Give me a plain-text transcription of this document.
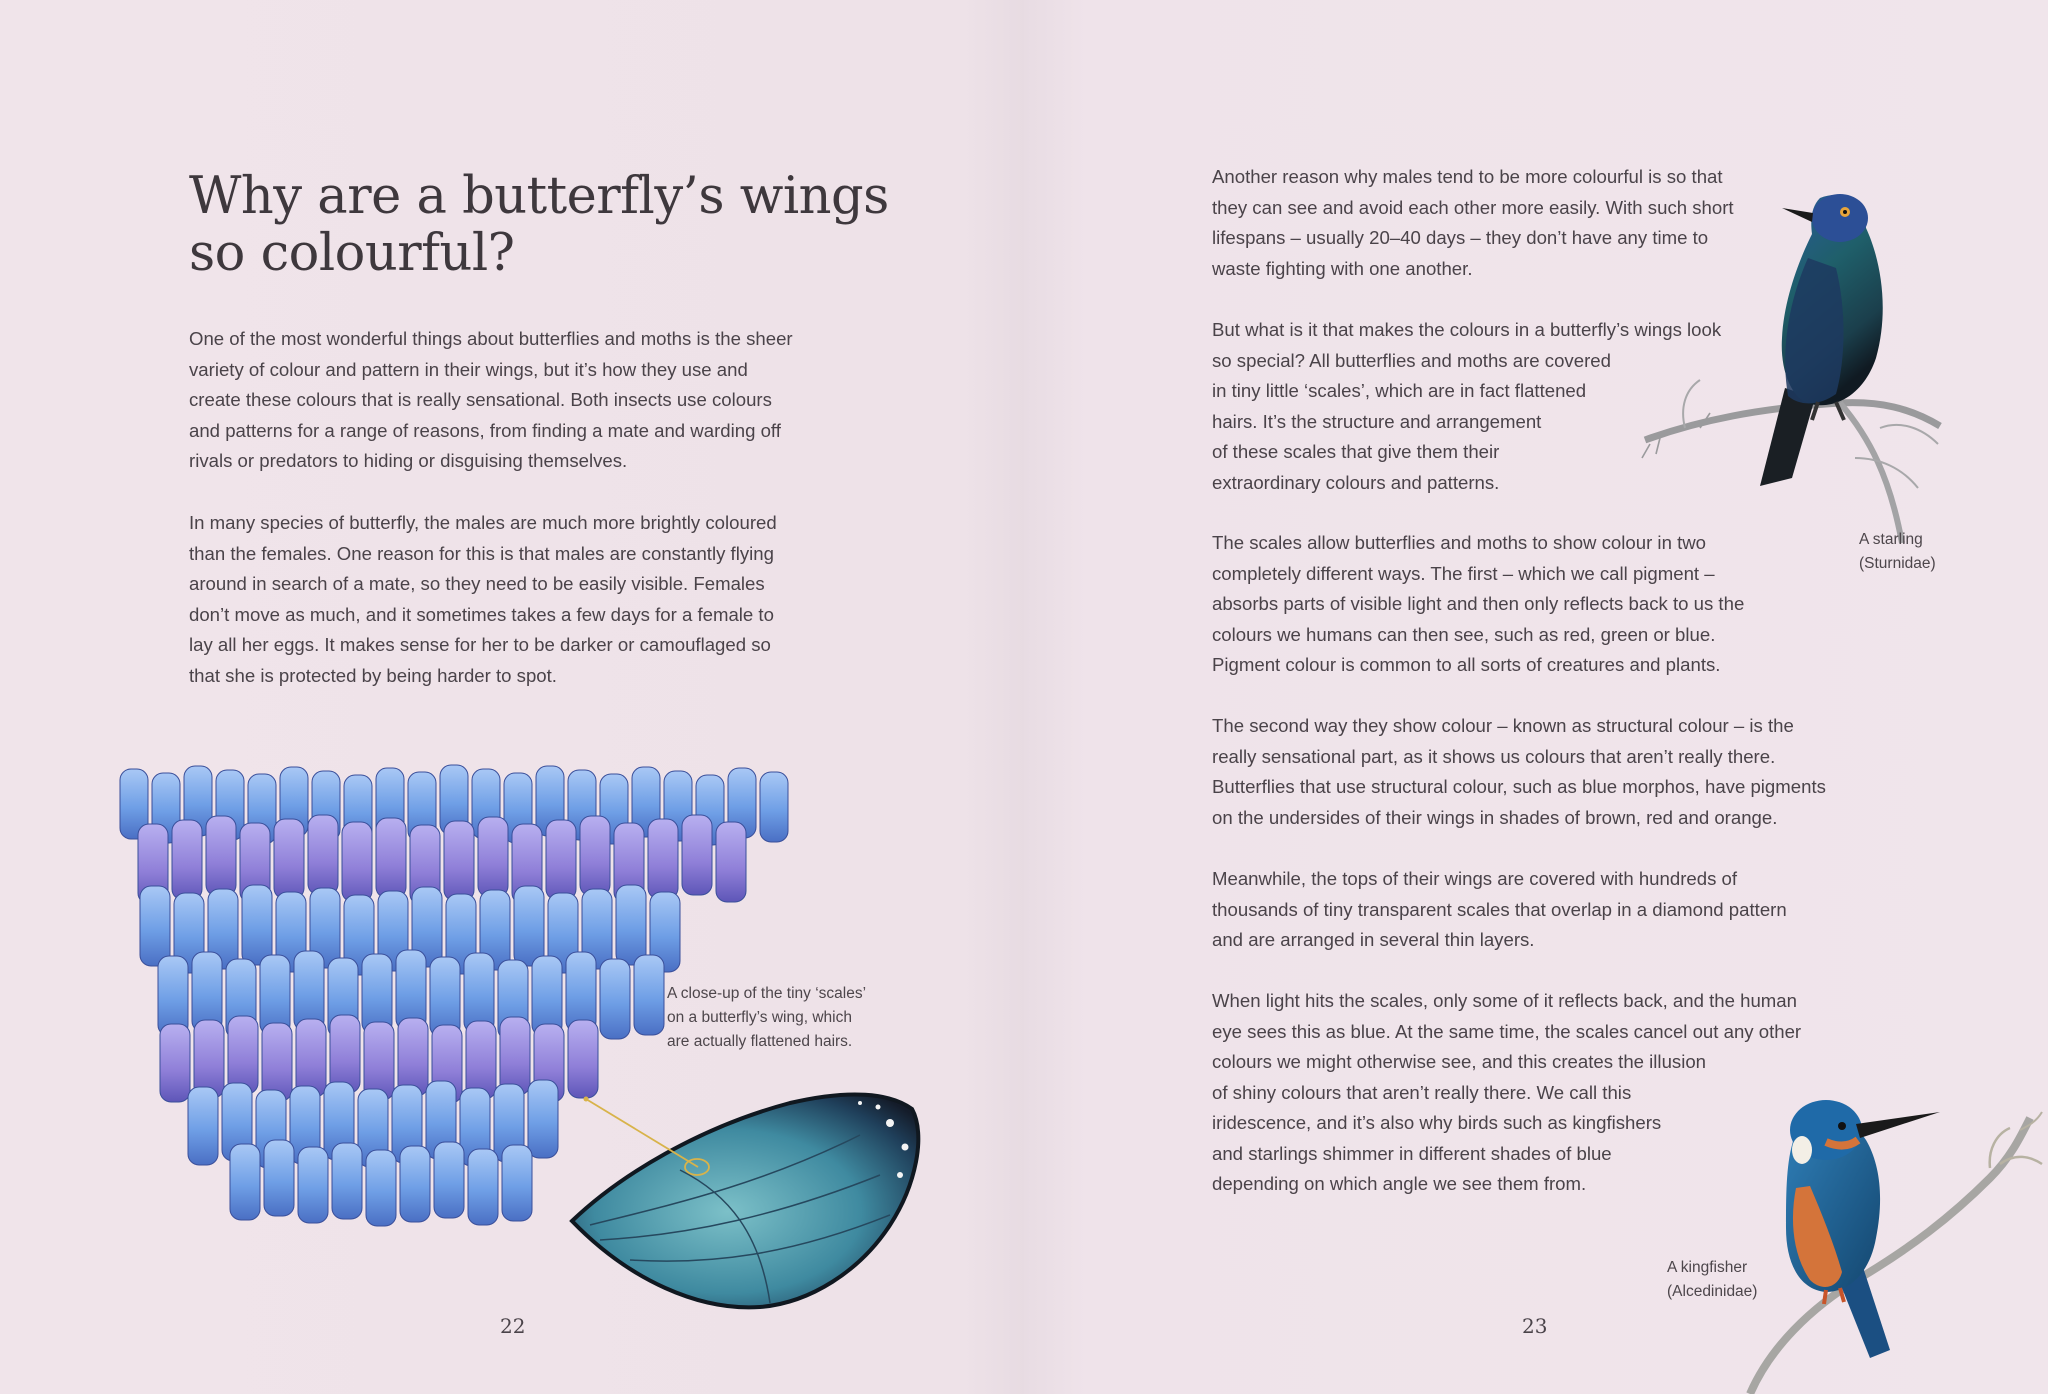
Why are a butterfly’s wings
so colourful?

One of the most wonderful things about butterflies and moths is the sheer
variety of colour and pattern in their wings, but it’s how they use and
create these colours that is really sensational. Both insects use colours
and patterns for a range of reasons, from finding a mate and warding off
rivals or predators to hiding or disguising themselves.

In many species of butterfly, the males are much more brightly coloured
than the females. One reason for this is that males are constantly flying
around in search of a mate, so they need to be easily visible. Females
don’t move as much, and it sometimes takes a few days for a female to
lay all her eggs. It makes sense for her to be darker or camouflaged so
that she is protected by being harder to spot.

A close-up of the tiny ‘scales’
on a butterfly’s wing, which
are actually flattened hairs.

22

Another reason why males tend to be more colourful is so that
they can see and avoid each other more easily. With such short
lifespans – usually 20–40 days – they don’t have any time to
waste fighting with one another.

But what is it that makes the colours in a butterfly’s wings look
so special? All butterflies and moths are covered
in tiny little ‘scales’, which are in fact flattened
hairs. It’s the structure and arrangement
of these scales that give them their
extraordinary colours and patterns.

The scales allow butterflies and moths to show colour in two
completely different ways. The first – which we call pigment –
absorbs parts of visible light and then only reflects back to us the
colours we humans can then see, such as red, green or blue.
Pigment colour is common to all sorts of creatures and plants.

The second way they show colour – known as structural colour – is the
really sensational part, as it shows us colours that aren’t really there.
Butterflies that use structural colour, such as blue morphos, have pigments
on the undersides of their wings in shades of brown, red and orange.

Meanwhile, the tops of their wings are covered with hundreds of
thousands of tiny transparent scales that overlap in a diamond pattern
and are arranged in several thin layers.

When light hits the scales, only some of it reflects back, and the human
eye sees this as blue. At the same time, the scales cancel out any other
colours we might otherwise see, and this creates the illusion
of shiny colours that aren’t really there. We call this
iridescence, and it’s also why birds such as kingfishers
and starlings shimmer in different shades of blue
depending on which angle we see them from.

A starling
(Sturnidae)

A kingfisher
(Alcedinidae)

23
